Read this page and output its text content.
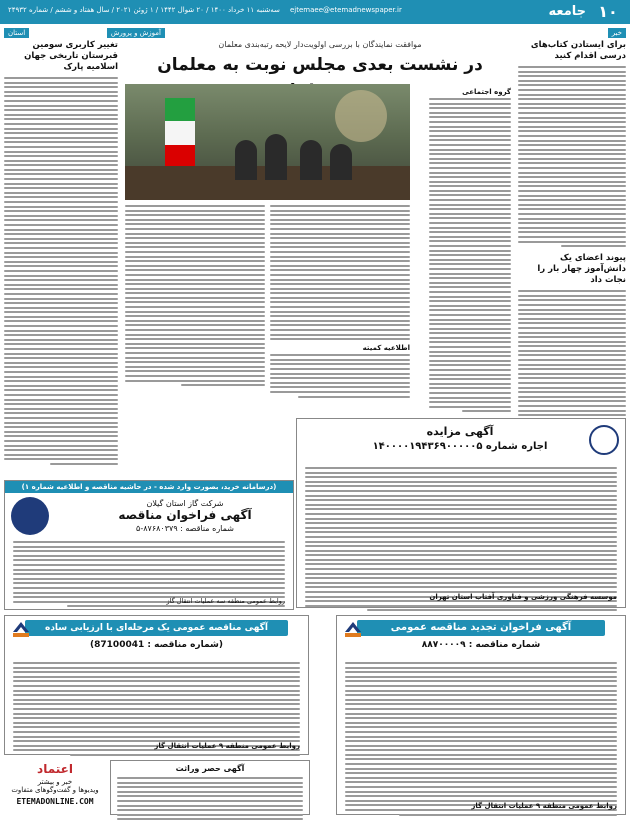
۱۰
جامعه
ejtemaee@etemadnewspaper.ir
سه‌شنبه ۱۱ خرداد ۱۴۰۰ / ۲۰ شوال ۱۴۴۲ / ۱ ژوئن ۲۰۲۱ / سال هفتاد و ششم / شماره ۲۴۹۳۲
خبر
آموزش و پرورش
استان
برای ایستادن کتاب‌های درسی اقدام کنید
پیوند اعضای یک دانش‌آموز چهار بار را نجات داد
موافقت نمایندگان با بررسی اولویت‌دار لایحه رتبه‌بندی معلمان
در نشست بعدی مجلس نوبت به معلمان
گروه اجتماعی
اطلاعیه کمیته
تغییر کاربری سومین قبرستان تاریخی جهان اسلامیه پارک
آگهی مزایده
اجاره شماره ۱۴۰۰۰۰۱۹۴۳۶۹۰۰۰۰۰۵
موسسه فرهنگی ورزشی و فناوری آفتاب استان تهران
(درسامانه خرید، بصورت وارد شده - در حاشیه مناقصه و اطلاعیه شماره ۱)
شرکت گاز استان گیلان
آگهی فراخوان مناقصه
شماره مناقصه : ۸۷۶۸۰۳۷۹-۵
روابط عمومی منطقه سه عملیات انتقال گاز
آگهی فراخوان تجدید مناقصه عمومی
شماره مناقصه : ۸۸۷۰۰۰۰۹
روابط عمومی منطقه ۹ عملیات انتقال گاز
آگهی مناقصه عمومی یک مرحله‌ای با ارزیابی ساده
(شماره مناقصه : 87100041)
روابط عمومی منطقه ۹ عملیات انتقال گاز
آگهی حصر وراثت
اعتماد
خبر و بیشتر
ویدیوها و گفت‌وگوهای متفاوت
ETEMADONLINE.COM
